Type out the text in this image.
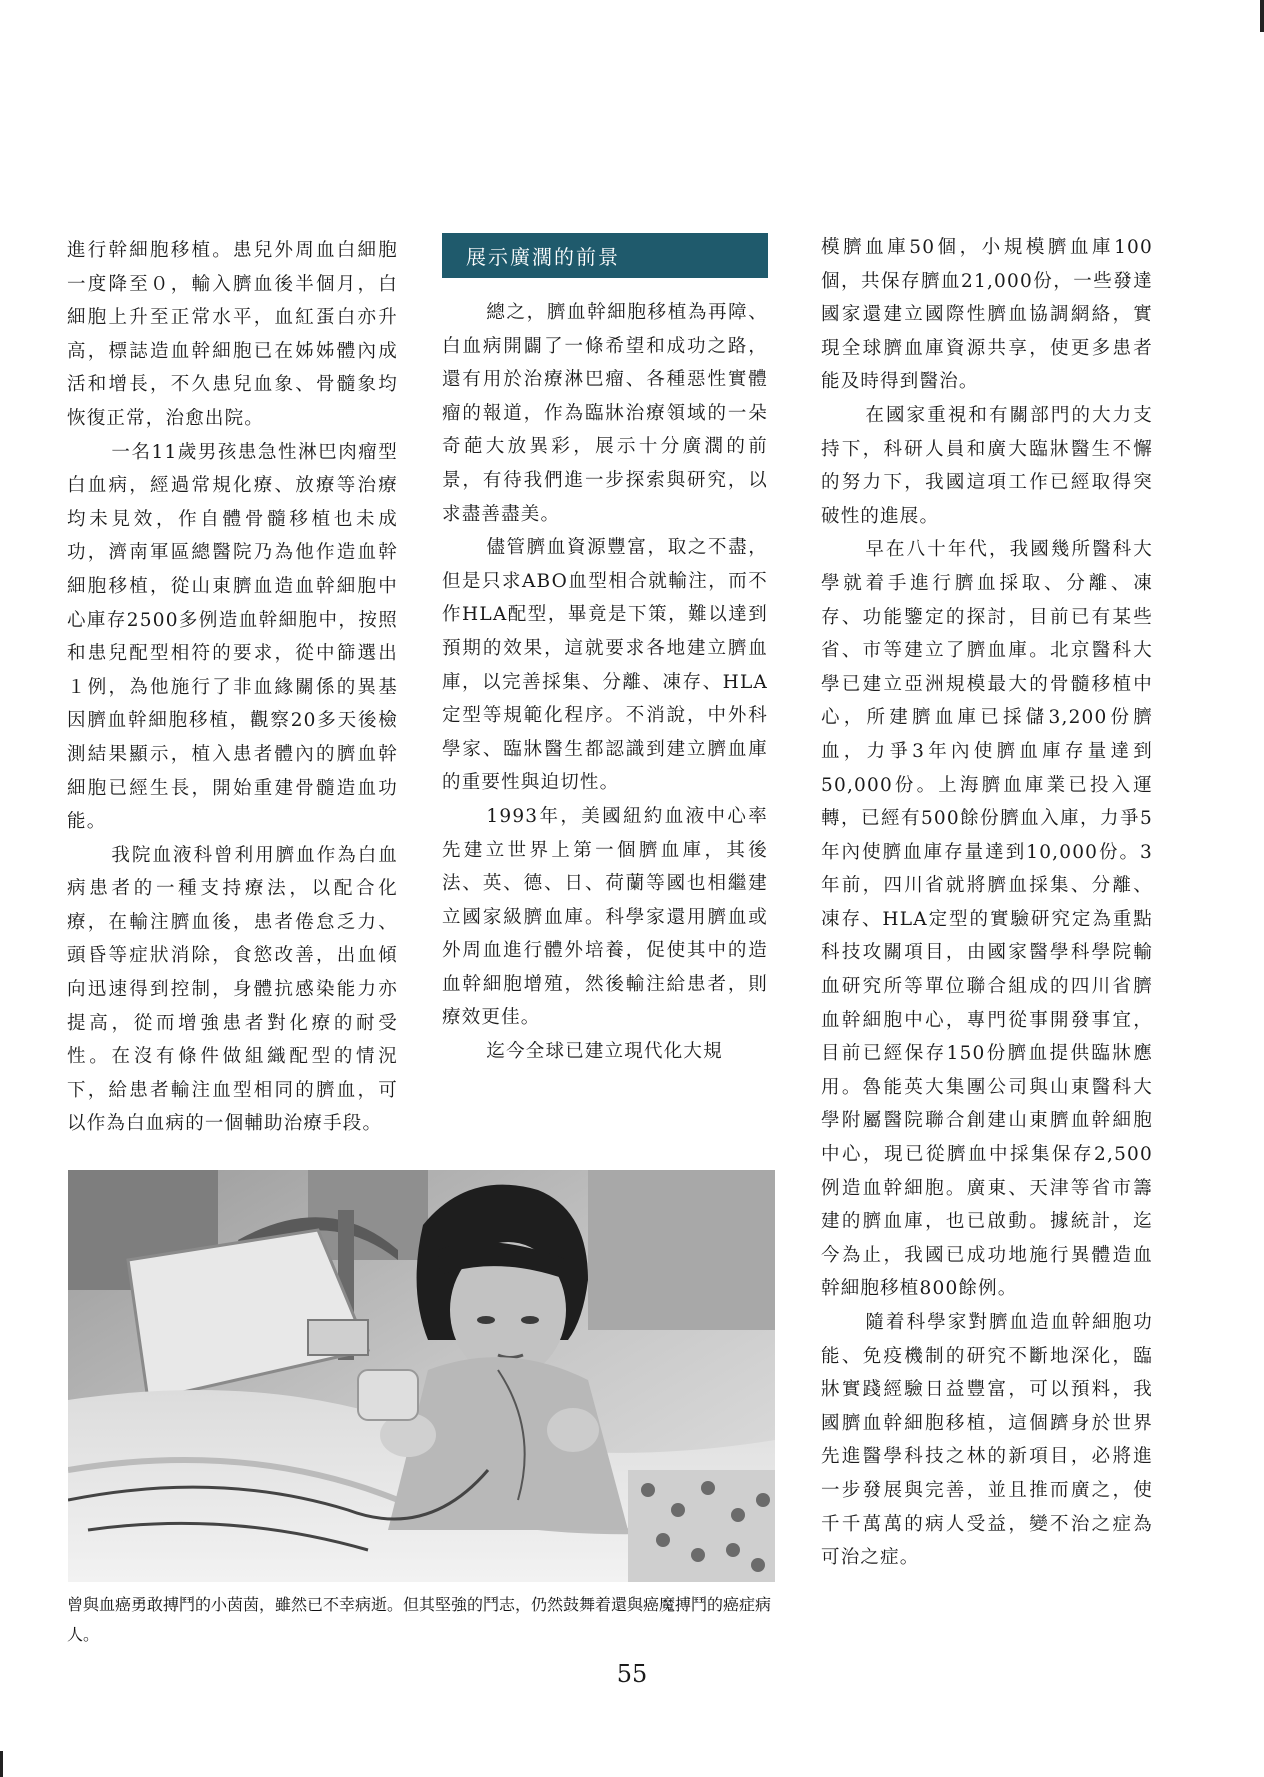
進行幹細胞移植。患兒外周血白細胞一度降至０，輸入臍血後半個月，白細胞上升至正常水平，血紅蛋白亦升高，標誌造血幹細胞已在姊姊體內成活和增長，不久患兒血象、骨髓象均恢復正常，治愈出院。

一名11歲男孩患急性淋巴肉瘤型白血病，經過常規化療、放療等治療均未見效，作自體骨髓移植也未成功，濟南軍區總醫院乃為他作造血幹細胞移植，從山東臍血造血幹細胞中心庫存2500多例造血幹細胞中，按照和患兒配型相符的要求，從中篩選出１例，為他施行了非血緣關係的異基因臍血幹細胞移植，觀察20多天後檢測結果顯示，植入患者體內的臍血幹細胞已經生長，開始重建骨髓造血功能。

我院血液科曾利用臍血作為白血病患者的一種支持療法，以配合化療，在輸注臍血後，患者倦怠乏力、頭昏等症狀消除，食慾改善，出血傾向迅速得到控制，身體抗感染能力亦提高，從而增強患者對化療的耐受性。在沒有條件做組織配型的情況下，給患者輸注血型相同的臍血，可以作為白血病的一個輔助治療手段。

展示廣濶的前景

總之，臍血幹細胞移植為再障、白血病開闢了一條希望和成功之路，還有用於治療淋巴瘤、各種惡性實體瘤的報道，作為臨牀治療領域的一朵奇葩大放異彩，展示十分廣濶的前景，有待我們進一步探索與研究，以求盡善盡美。

儘管臍血資源豐富，取之不盡，但是只求ABO血型相合就輸注，而不作HLA配型，畢竟是下策，難以達到預期的效果，這就要求各地建立臍血庫，以完善採集、分離、凍存、HLA定型等規範化程序。不消說，中外科學家、臨牀醫生都認識到建立臍血庫的重要性與迫切性。

1993年，美國紐約血液中心率先建立世界上第一個臍血庫，其後法、英、德、日、荷蘭等國也相繼建立國家級臍血庫。科學家還用臍血或外周血進行體外培養，促使其中的造血幹細胞增殖，然後輸注給患者，則療效更佳。

迄今全球已建立現代化大規

模臍血庫50個，小規模臍血庫100個，共保存臍血21,000份，一些發達國家還建立國際性臍血協調網絡，實現全球臍血庫資源共享，使更多患者能及時得到醫治。

在國家重視和有關部門的大力支持下，科研人員和廣大臨牀醫生不懈的努力下，我國這項工作已經取得突破性的進展。

早在八十年代，我國幾所醫科大學就着手進行臍血採取、分離、凍存、功能鑒定的探討，目前已有某些省、市等建立了臍血庫。北京醫科大學已建立亞洲規模最大的骨髓移植中心，所建臍血庫已採儲3,200份臍血，力爭3年內使臍血庫存量達到50,000份。上海臍血庫業已投入運轉，已經有500餘份臍血入庫，力爭5年內使臍血庫存量達到10,000份。3年前，四川省就將臍血採集、分離、凍存、HLA定型的實驗研究定為重點科技攻關項目，由國家醫學科學院輸血研究所等單位聯合組成的四川省臍血幹細胞中心，專門從事開發事宜，目前已經保存150份臍血提供臨牀應用。魯能英大集團公司與山東醫科大學附屬醫院聯合創建山東臍血幹細胞中心，現已從臍血中採集保存2,500例造血幹細胞。廣東、天津等省市籌建的臍血庫，也已啟動。據統計，迄今為止，我國已成功地施行異體造血幹細胞移植800餘例。

隨着科學家對臍血造血幹細胞功能、免疫機制的研究不斷地深化，臨牀實踐經驗日益豐富，可以預料，我國臍血幹細胞移植，這個躋身於世界先進醫學科技之林的新項目，必將進一步發展與完善，並且推而廣之，使千千萬萬的病人受益，變不治之症為可治之症。

曾與血癌勇敢搏鬥的小茵茵，雖然已不幸病逝。但其堅強的鬥志，仍然鼓舞着還與癌魔搏鬥的癌症病人。
55
